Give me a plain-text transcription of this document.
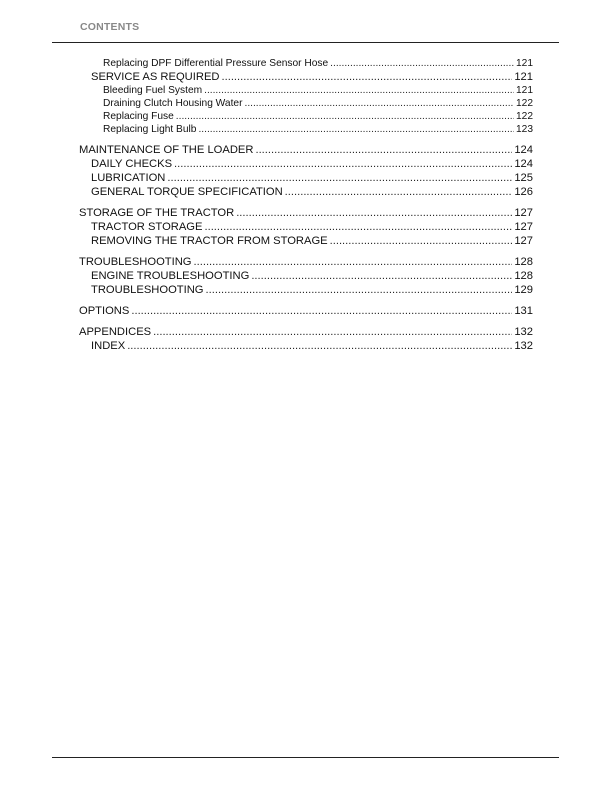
CONTENTS
Replacing DPF Differential Pressure Sensor Hose .....	121
SERVICE AS REQUIRED .....	121
Bleeding Fuel System .....	121
Draining Clutch Housing Water .....	122
Replacing Fuse .....	122
Replacing Light Bulb .....	123
MAINTENANCE OF THE LOADER .....	124
DAILY CHECKS .....	124
LUBRICATION .....	125
GENERAL TORQUE SPECIFICATION .....	126
STORAGE OF THE TRACTOR .....	127
TRACTOR STORAGE .....	127
REMOVING THE TRACTOR FROM STORAGE .....	127
TROUBLESHOOTING .....	128
ENGINE TROUBLESHOOTING .....	128
TROUBLESHOOTING .....	129
OPTIONS .....	131
APPENDICES .....	132
INDEX .....	132
